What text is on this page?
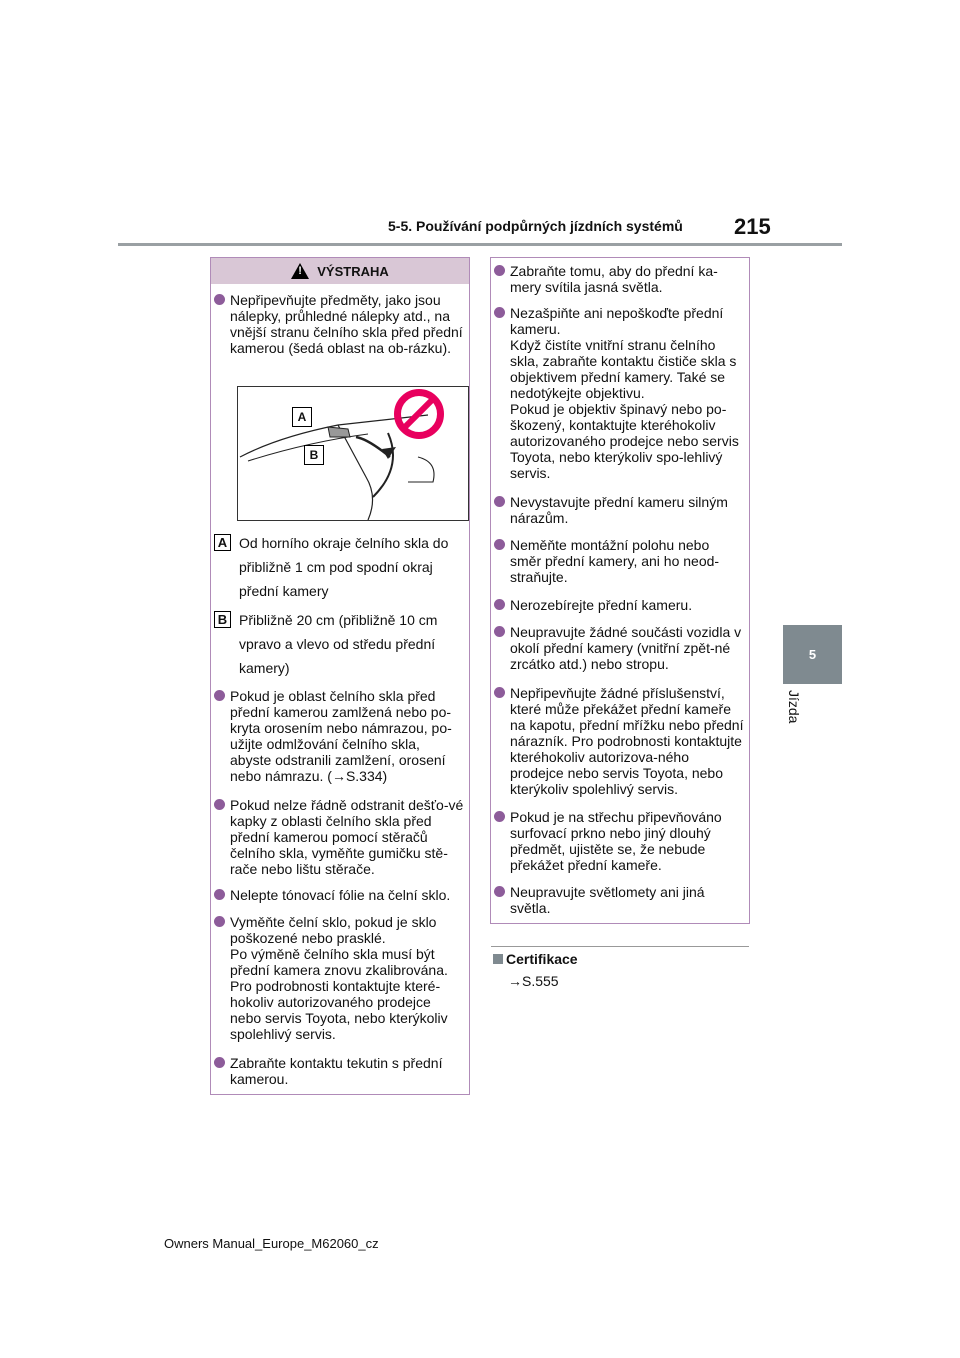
5-5. Používání podpůrných jízdních systémů 215
5
Jízda
!
VÝSTRAHA
Nepřipevňujte předměty, jako jsou nálepky, průhledné nálepky atd., na vnější stranu čelního skla před přední kamerou (šedá oblast na ob-rázku).
A
B
A Od horního okraje čelního skla do přibližně 1 cm pod spodní okraj přední kamery
B Přibližně 20 cm (přibližně 10 cm vpravo a vlevo od středu přední kamery)
Pokud je oblast čelního skla před přední kamerou zamlžená nebo po-kryta orosením nebo námrazou, po-užijte odmlžování čelního skla, abyste odstranili zamlžení, orosení nebo námrazu. (→S.334)
Pokud nelze řádně odstranit dešťo-vé kapky z oblasti čelního skla před přední kamerou pomocí stěračů čelního skla, vyměňte gumičku stě-rače nebo lištu stěrače.
Nelepte tónovací fólie na čelní sklo.
Vyměňte čelní sklo, pokud je sklo poškozené nebo prasklé.
Po výměně čelního skla musí být přední kamera znovu zkalibrována. Pro podrobnosti kontaktujte které-hokoliv autorizovaného prodejce nebo servis Toyota, nebo kterýkoliv spolehlivý servis.
Zabraňte kontaktu tekutin s přední kamerou.
Zabraňte tomu, aby do přední ka-mery svítila jasná světla.
Nezašpiňte ani nepoškoďte přední kameru.
Když čistíte vnitřní stranu čelního skla, zabraňte kontaktu čističe skla s objektivem přední kamery. Také se nedotýkejte objektivu.
Pokud je objektiv špinavý nebo po-škozený, kontaktujte kteréhokoliv autorizovaného prodejce nebo servis Toyota, nebo kterýkoliv spo-lehlivý servis.
Nevystavujte přední kameru silným nárazům.
Neměňte montážní polohu nebo směr přední kamery, ani ho neod-straňujte.
Nerozebírejte přední kameru.
Neupravujte žádné součásti vozidla v okolí přední kamery (vnitřní zpět-né zrcátko atd.) nebo stropu.
Nepřipevňujte žádné příslušenství, které může překážet přední kameře na kapotu, přední mřížku nebo přední nárazník. Pro podrobnosti kontaktujte kteréhokoliv autorizova-ného prodejce nebo servis Toyota, nebo kterýkoliv spolehlivý servis.
Pokud je na střechu připevňováno surfovací prkno nebo jiný dlouhý předmět, ujistěte se, že nebude překážet přední kameře.
Neupravujte světlomety ani jiná světla.
Certifikace
→S.555
Owners Manual_Europe_M62060_cz
